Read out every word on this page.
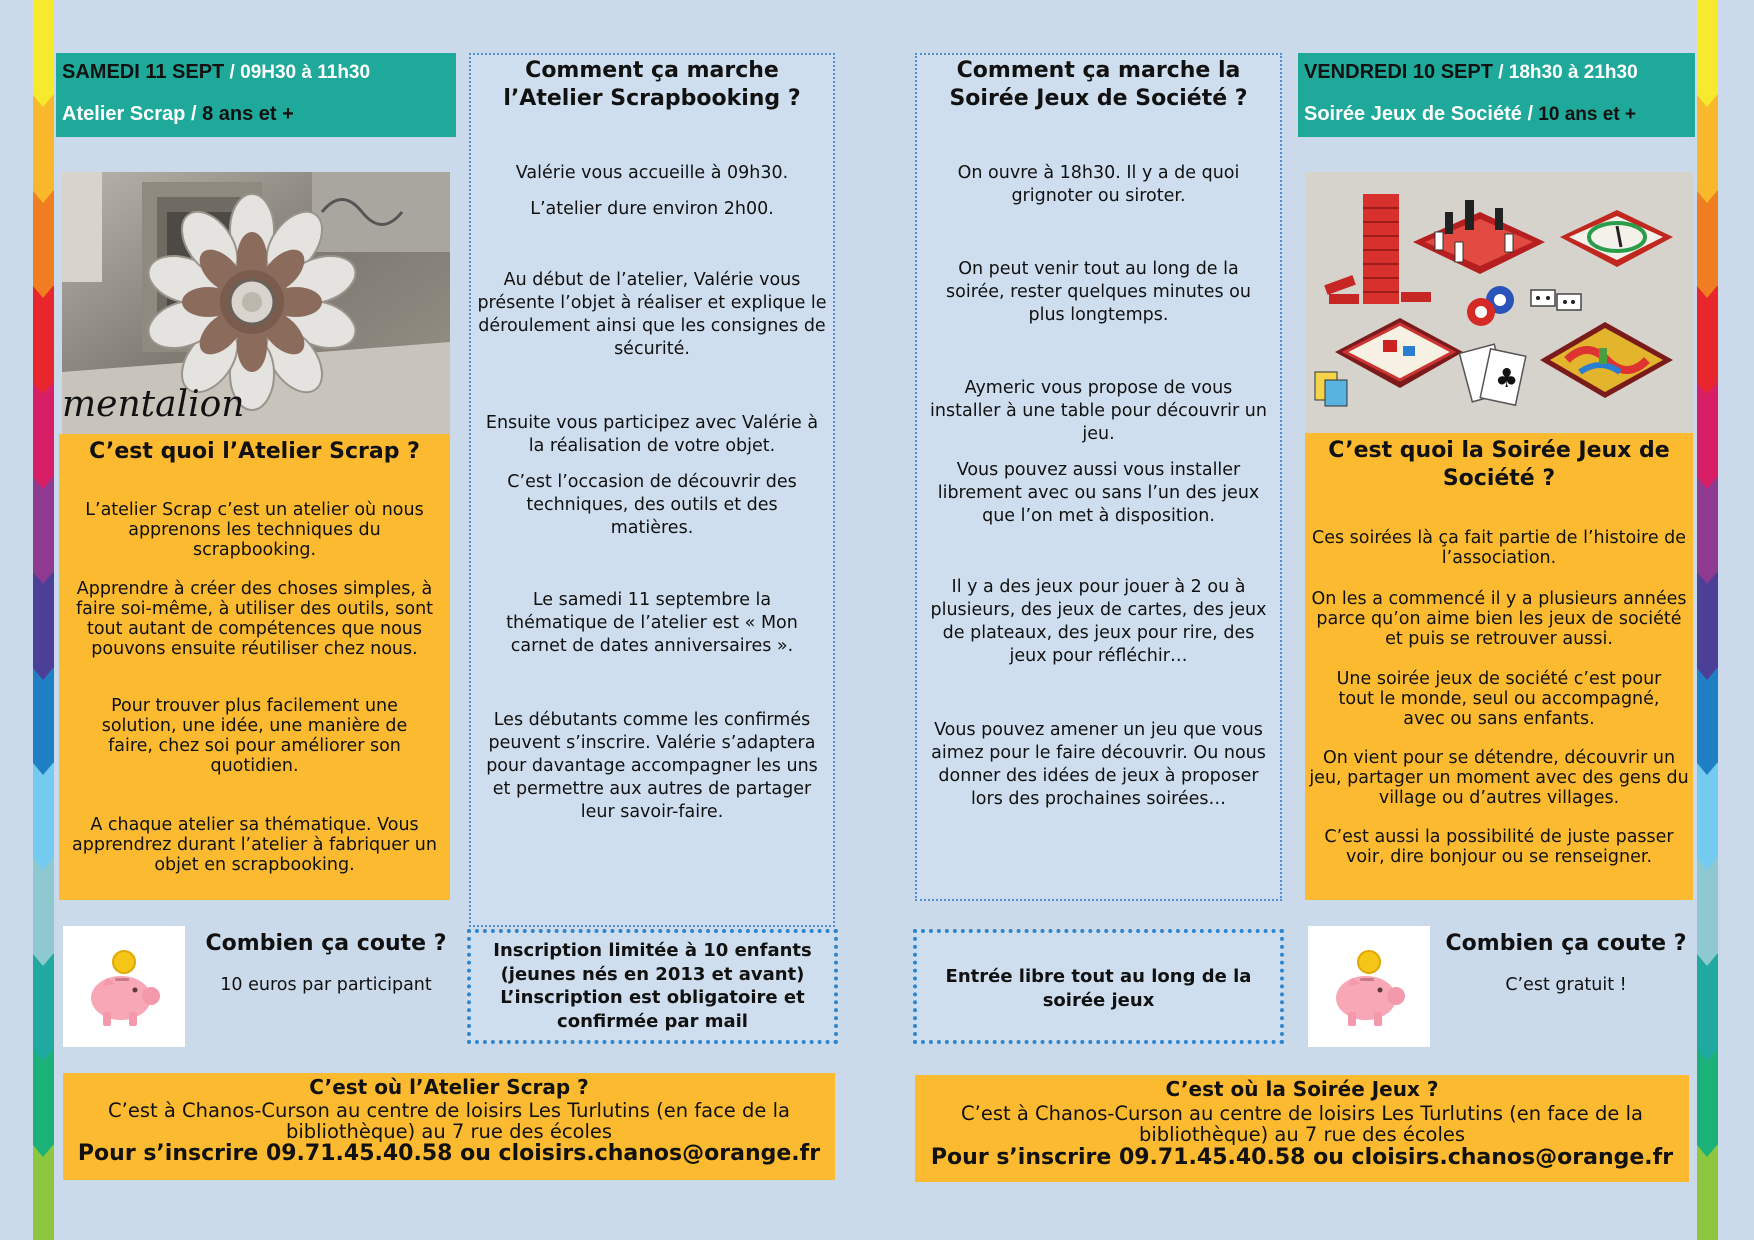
SAMEDI 11 SEPT / 09H30 à 11h30
Atelier Scrap / 8 ans et +
mentalion
C’est quoi l’Atelier Scrap ?
L’atelier Scrap c’est un atelier où nous apprenons les techniques du scrapbooking.
Apprendre à créer des choses simples, à faire soi-même, à utiliser des outils, sont tout autant de compétences que nous pouvons ensuite réutiliser chez nous.
Pour trouver plus facilement une solution, une idée, une manière de faire, chez soi pour améliorer son quotidien.
A chaque atelier sa thématique. Vous apprendrez durant l’atelier à fabriquer un objet en scrapbooking.
Comment ça marche l’Atelier Scrapbooking ?
Valérie vous accueille à 09h30.
L’atelier dure environ 2h00.
Au début de l’atelier, Valérie vous présente l’objet à réaliser et explique le déroulement ainsi que les consignes de sécurité.
Ensuite vous participez avec Valérie à la réalisation de votre objet.
C’est l’occasion de découvrir des techniques, des outils et des matières.
Le samedi 11 septembre la thématique de l’atelier est « Mon carnet de dates anniversaires ».
Les débutants comme les confirmés peuvent s’inscrire. Valérie s’adaptera pour davantage accompagner les uns et permettre aux autres de partager leur savoir-faire.
Inscription limitée à 10 enfants
(jeunes nés en 2013 et avant)
L’inscription est obligatoire et
confirmée par mail
Combien ça coute ?
10 euros par participant
C’est où l’Atelier Scrap ?
C’est à Chanos-Curson au centre de loisirs Les Turlutins (en face de la
bibliothèque) au 7 rue des écoles
Pour s’inscrire 09.71.45.40.58 ou cloisirs.chanos@orange.fr
Comment ça marche la Soirée Jeux de Société ?
On ouvre à 18h30. Il y a de quoi grignoter ou siroter.
On peut venir tout au long de la soirée, rester quelques minutes ou plus longtemps.
Aymeric vous propose de vous installer à une table pour découvrir un jeu.
Vous pouvez aussi vous installer librement avec ou sans l’un des jeux que l’on met à disposition.
Il y a des jeux pour jouer à 2 ou à plusieurs, des jeux de cartes, des jeux de plateaux, des jeux pour rire, des jeux pour réfléchir…
Vous pouvez amener un jeu que vous aimez pour le faire découvrir. Ou nous donner des idées de jeux à proposer lors des prochaines soirées…
Entrée libre tout au long de la soirée jeux
VENDREDI 10 SEPT / 18h30 à 21h30
Soirée Jeux de Société / 10 ans et +
♣
C’est quoi la Soirée Jeux de Société ?
Ces soirées là ça fait partie de l’histoire de l’association.
On les a commencé il y a plusieurs années parce qu’on aime bien les jeux de société et puis se retrouver aussi.
Une soirée jeux de société c’est pour tout le monde, seul ou accompagné, avec ou sans enfants.
On vient pour se détendre, découvrir un jeu, partager un moment avec des gens du village ou d’autres villages.
C’est aussi la possibilité de juste passer voir, dire bonjour ou se renseigner.
Combien ça coute ?
C’est gratuit !
C’est où la Soirée Jeux ?
C’est à Chanos-Curson au centre de loisirs Les Turlutins (en face de la
bibliothèque) au 7 rue des écoles
Pour s’inscrire 09.71.45.40.58 ou cloisirs.chanos@orange.fr
